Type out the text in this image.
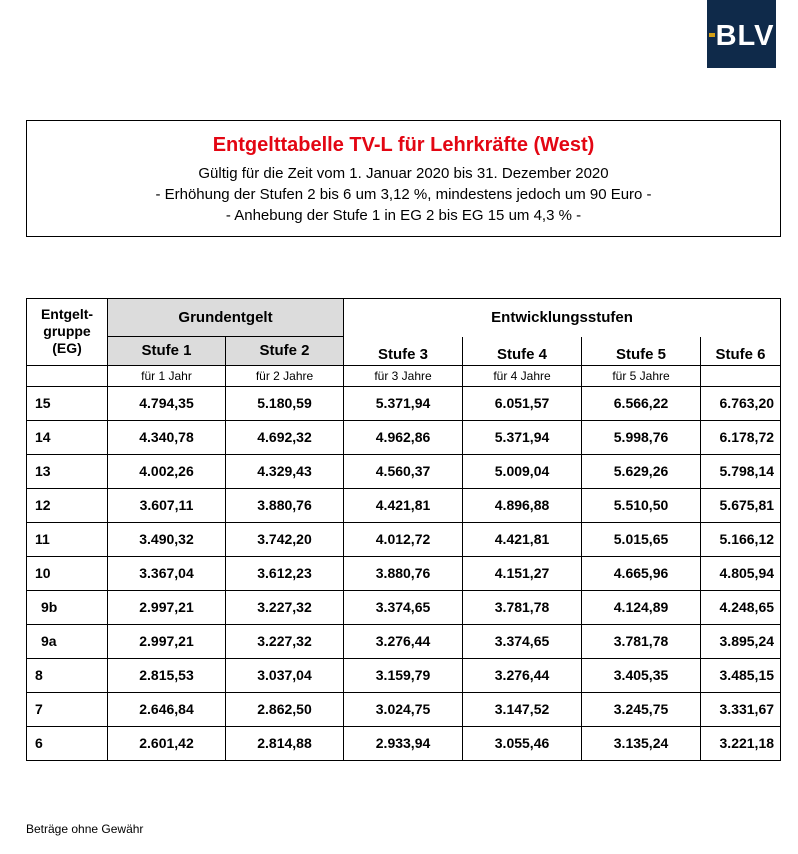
BLV
Entgelttabelle TV-L für Lehrkräfte (West)
Gültig für die Zeit vom 1. Januar 2020 bis 31. Dezember 2020
- Erhöhung der Stufen 2 bis 6 um 3,12 %, mindestens jedoch um 90 Euro -
- Anhebung der Stufe 1 in EG 2 bis EG 15 um 4,3 % -
Entgelt-
gruppe
(EG)	Grundentgelt		Entwicklungsstufen			
	Stufe 1	Stufe 2	Stufe 3	Stufe 4	Stufe 5	Stufe 6
	für 1 Jahr	für 2 Jahre	für 3 Jahre	für 4 Jahre	für 5 Jahre	
15	4.794,35	5.180,59	5.371,94	6.051,57	6.566,22	6.763,20
14	4.340,78	4.692,32	4.962,86	5.371,94	5.998,76	6.178,72
13	4.002,26	4.329,43	4.560,37	5.009,04	5.629,26	5.798,14
12	3.607,11	3.880,76	4.421,81	4.896,88	5.510,50	5.675,81
11	3.490,32	3.742,20	4.012,72	4.421,81	5.015,65	5.166,12
10	3.367,04	3.612,23	3.880,76	4.151,27	4.665,96	4.805,94
9b	2.997,21	3.227,32	3.374,65	3.781,78	4.124,89	4.248,65
9a	2.997,21	3.227,32	3.276,44	3.374,65	3.781,78	3.895,24
8	2.815,53	3.037,04	3.159,79	3.276,44	3.405,35	3.485,15
7	2.646,84	2.862,50	3.024,75	3.147,52	3.245,75	3.331,67
6	2.601,42	2.814,88	2.933,94	3.055,46	3.135,24	3.221,18
Beträge ohne Gewähr
